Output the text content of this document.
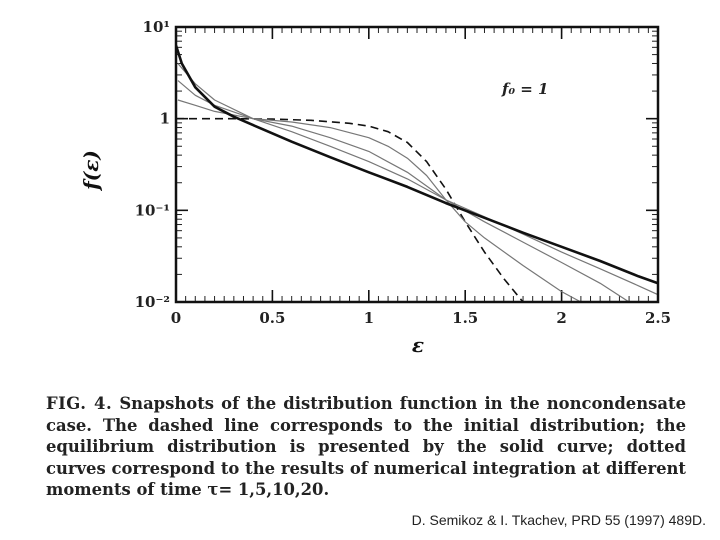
0	0.5	1	1.5	2	2.5
10⁻²
10⁻¹
1
10¹
ε
f(ε)
f₀ = 1

FIG. 4. Snapshots of the distribution function in the noncondensate case. The dashed line corresponds to the initial distribution; the equilibrium distribution is presented by the solid curve; dotted curves correspond to the results of numerical integration at different moments of time τ= 1,5,10,20.

D. Semikoz & I. Tkachev, PRD 55 (1997) 489D.
